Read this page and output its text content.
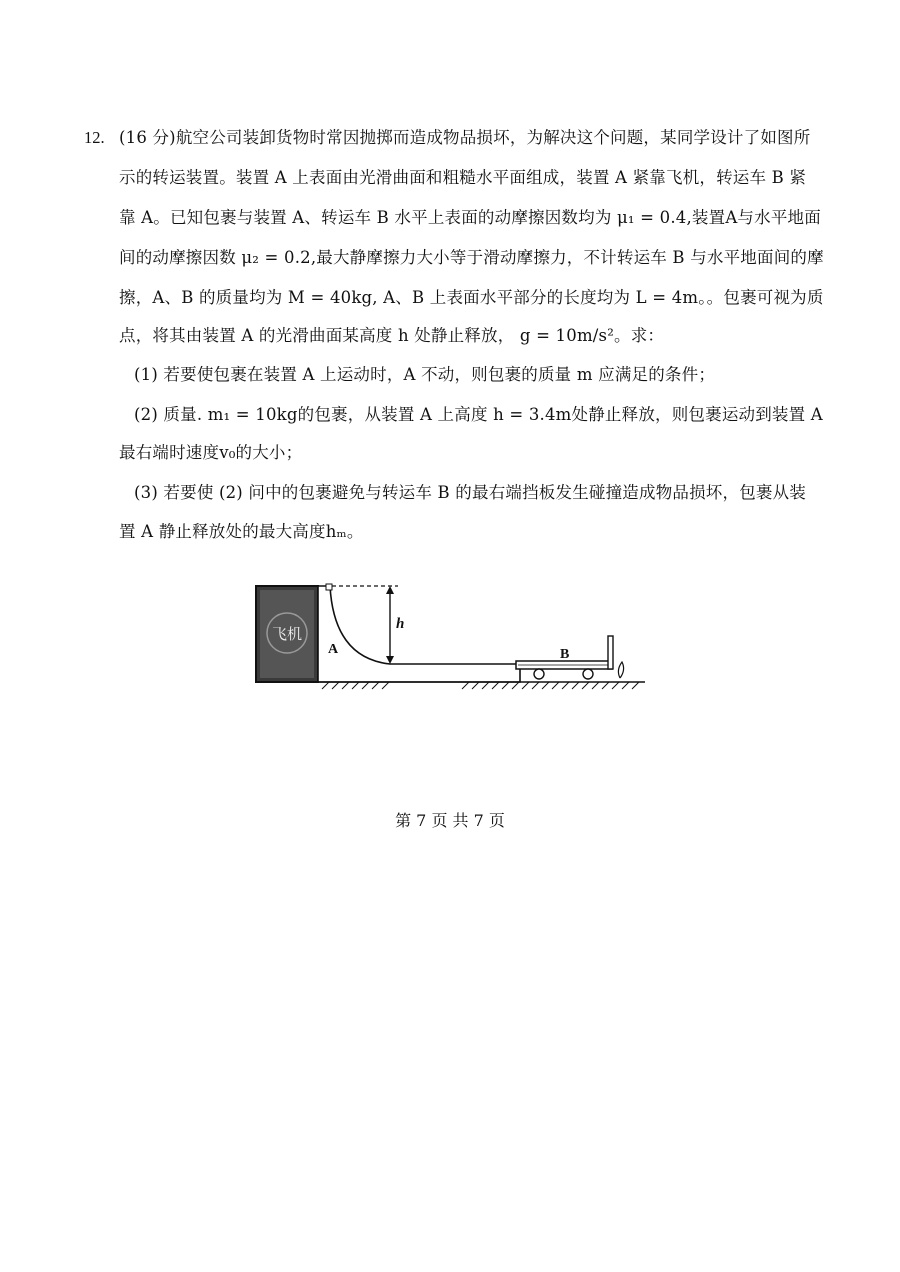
12. (16 分)航空公司装卸货物时常因抛掷而造成物品损坏，为解决这个问题，某同学设计了如图所
示的转运装置。装置 A 上表面由光滑曲面和粗糙水平面组成，装置 A 紧靠飞机，转运车 B 紧
靠 A。已知包裹与装置 A、转运车 B 水平上表面的动摩擦因数均为 μ₁ = 0.4,装置A与水平地面
间的动摩擦因数 μ₂ = 0.2,最大静摩擦力大小等于滑动摩擦力，不计转运车 B 与水平地面间的摩
擦，A、B 的质量均为 M = 40kg, A、B 上表面水平部分的长度均为 L = 4m。。包裹可视为质
点，将其由装置 A 的光滑曲面某高度 h 处静止释放， g = 10m/s²。求：
(1) 若要使包裹在装置 A 上运动时，A 不动，则包裹的质量 m 应满足的条件；
(2) 质量. m₁ = 10kg的包裹，从装置 A 上高度 h = 3.4m处静止释放，则包裹运动到装置 A
最右端时速度v₀的大小；
(3) 若要使 (2) 问中的包裹避免与转运车 B 的最右端挡板发生碰撞造成物品损坏，包裹从装
置 A 静止释放处的最大高度hₘ。
飞机
A
h
B
第 7 页 共 7 页
